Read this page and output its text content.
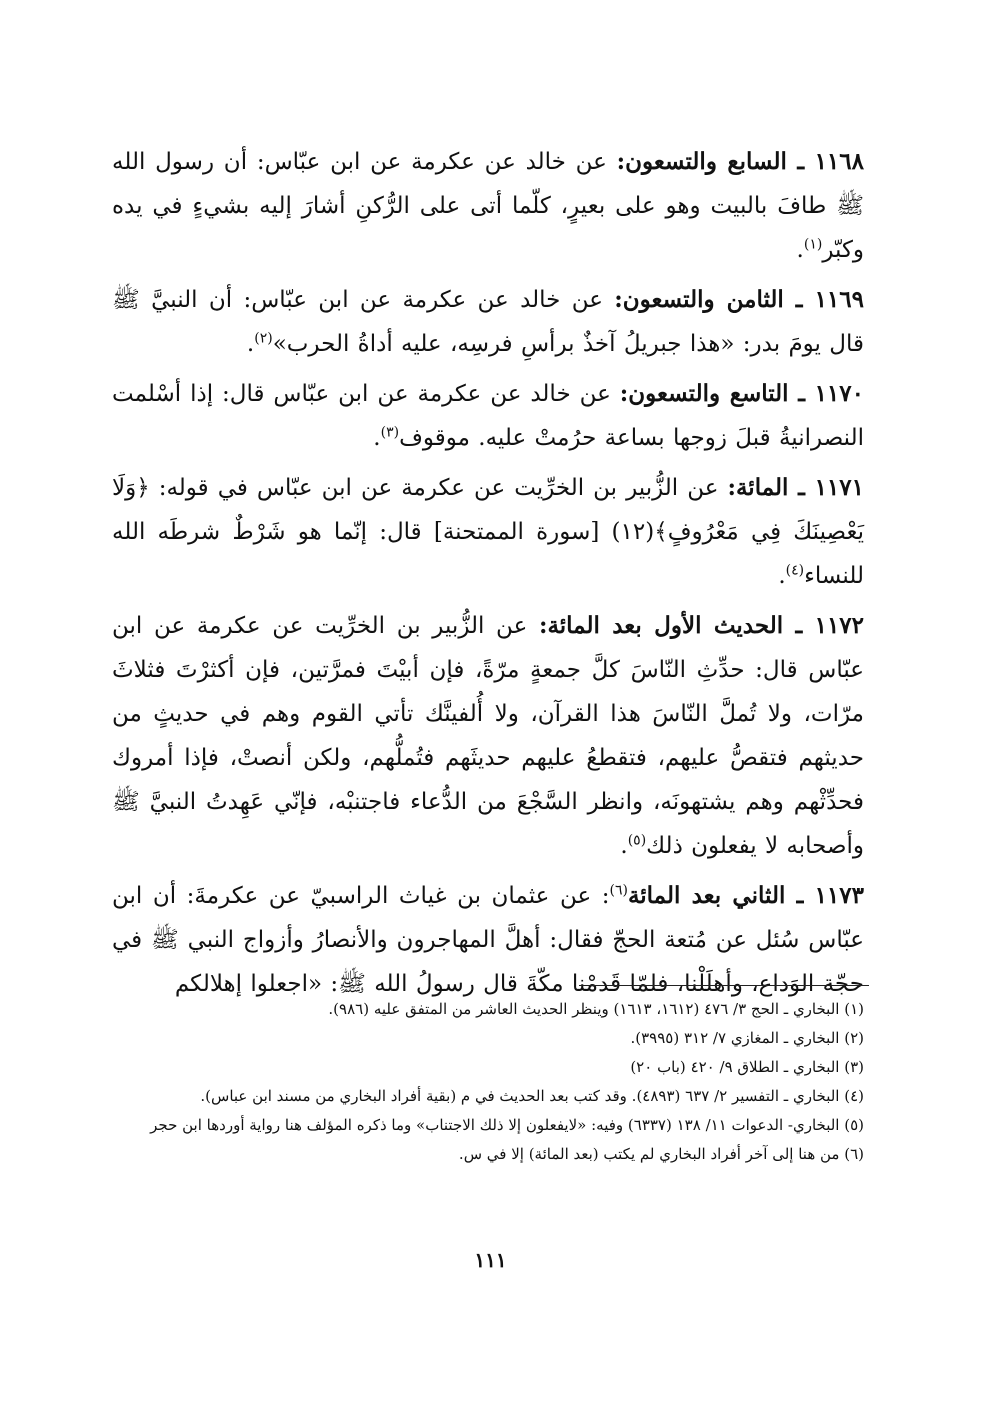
١١٦٨ ـ السابع والتسعون: عن خالد عن عكرمة عن ابن عبّاس: أن رسول الله ﷺ طافَ بالبيت وهو على بعيرٍ، كلّما أتى على الرُّكنِ أشارَ إليه بشيءٍ في يده وكبّر$^{(١)}$.

١١٦٩ ـ الثامن والتسعون: عن خالد عن عكرمة عن ابن عبّاس: أن النبيَّ ﷺ قال يومَ بدر: «هذا جبريلُ آخذٌ برأسِ فرسِه، عليه أداةُ الحرب»$^{(٢)}$.

١١٧٠ ـ التاسع والتسعون: عن خالد عن عكرمة عن ابن عبّاس قال: إذا أسْلمت النصرانيةُ قبلَ زوجها بساعة حرُمتْ عليه. موقوف$^{(٣)}$.

١١٧١ ـ المائة: عن الزُّبير بن الخرِّيت عن عكرمة عن ابن عبّاس في قوله: ﴿وَلَا يَعْصِينَكَ فِي مَعْرُوفٍ﴾(١٢) [سورة الممتحنة] قال: إنّما هو شَرْطٌ شرطَه الله للنساء$^{(٤)}$.

١١٧٢ ـ الحديث الأول بعد المائة: عن الزُّبير بن الخرِّيت عن عكرمة عن ابن عبّاس قال: حدِّثِ النّاسَ كلَّ جمعةٍ مرّةً، فإن أبيْتَ فمرَّتين، فإن أكثرْتَ فثلاثَ مرّات، ولا تُملَّ النّاسَ هذا القرآن، ولا أُلفينَّك تأتي القوم وهم في حديثٍ من حديثهم فتقصُّ عليهم، فتقطعُ عليهم حديثَهم فتُملُّهم، ولكن أنصتْ، فإذا أمروك فحدِّثْهم وهم يشتهونَه، وانظر السَّجْعَ من الدُّعاء فاجتنبْه، فإنّي عَهِدتُ النبيَّ ﷺ وأصحابه لا يفعلون ذلك$^{(٥)}$.

١١٧٣ ـ الثاني بعد المائة$^{(٦)}$: عن عثمان بن غياث الراسبيّ عن عكرمةَ: أن ابن عبّاس سُئل عن مُتعة الحجّ فقال: أهلَّ المهاجرون والأنصارُ وأزواج النبي ﷺ في حجّة الوَداع، وأهلَلْنا، فلمّا قَدمْنا مكّةَ قال رسولُ الله ﷺ: «اجعلوا إهلالكم

(١) البخاري ـ الحج ٣/ ٤٧٦ (١٦١٢، ١٦١٣) وينظر الحديث العاشر من المتفق عليه (٩٨٦).

(٢) البخاري ـ المغازي ٧/ ٣١٢ (٣٩٩٥).

(٣) البخاري ـ الطلاق ٩/ ٤٢٠ (باب ٢٠)

(٤) البخاري ـ التفسير ٢/ ٦٣٧ (٤٨٩٣). وقد كتب بعد الحديث في م (بقية أفراد البخاري من مسند ابن عباس).

(٥) البخاري- الدعوات ١١/ ١٣٨ (٦٣٣٧) وفيه: «لايفعلون إلا ذلك الاجتناب» وما ذكره المؤلف هنا رواية أوردها ابن حجر

(٦) من هنا إلى آخر أفراد البخاري لم يكتب (بعد المائة) إلا في س.

١١١
